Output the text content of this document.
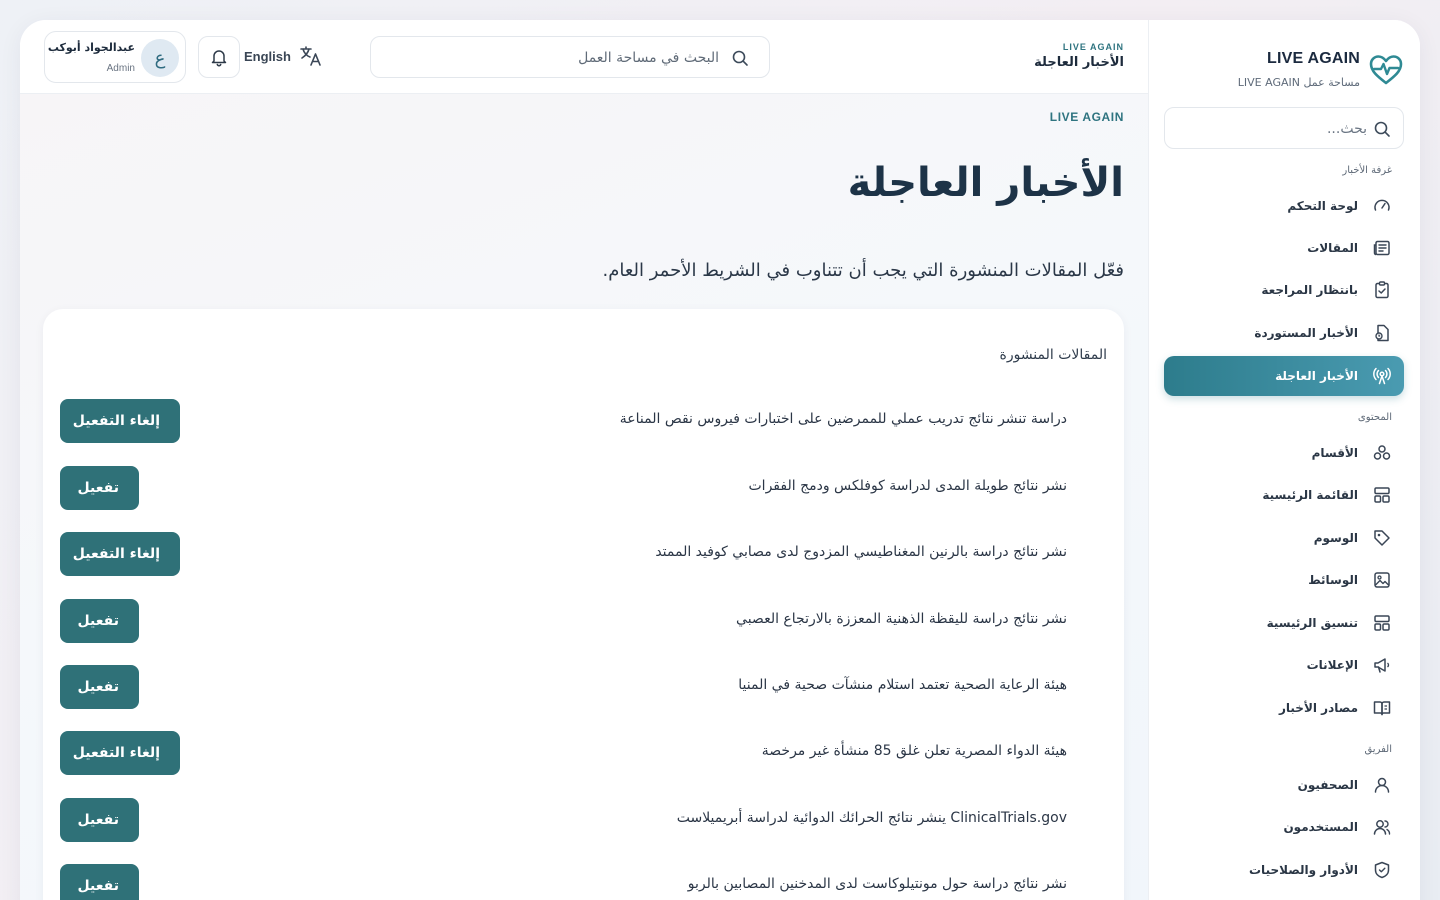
LIVE AGAIN
مساحة عمل LIVE AGAIN
بحث...
غرفة الأخبار
لوحة التحكم
المقالات
بانتظار المراجعة
الأخبار المستوردة
الأخبار العاجلة
المحتوى
الأقسام
القائمة الرئيسية
الوسوم
الوسائط
تنسيق الرئيسية
الإعلانات
مصادر الأخبار
الفريق
الصحفيون
المستخدمون
الأدوار والصلاحيات
LIVE AGAIN
الأخبار العاجلة
البحث في مساحة العمل
English
ع
عبدالجواد أبوكب
Admin
LIVE AGAIN
الأخبار العاجلة

فعّل المقالات المنشورة التي يجب أن تتناوب في الشريط الأحمر العام.

المقالات المنشورة
دراسة تنشر نتائج تدريب عملي للممرضين على اختبارات فيروس نقص المناعة
إلغاء التفعيل
نشر نتائج طويلة المدى لدراسة كوفلكس ودمج الفقرات
تفعيل
نشر نتائج دراسة بالرنين المغناطيسي المزدوج لدى مصابي كوفيد الممتد
إلغاء التفعيل
نشر نتائج دراسة لليقظة الذهنية المعززة بالارتجاع العصبي
تفعيل
هيئة الرعاية الصحية تعتمد استلام منشآت صحية في المنيا
تفعيل
هيئة الدواء المصرية تعلن غلق 85 منشأة غير مرخصة
إلغاء التفعيل
ClinicalTrials.gov ينشر نتائج الحرائك الدوائية لدراسة أبريميلاست
تفعيل
نشر نتائج دراسة حول مونتيلوكاست لدى المدخنين المصابين بالربو
تفعيل
